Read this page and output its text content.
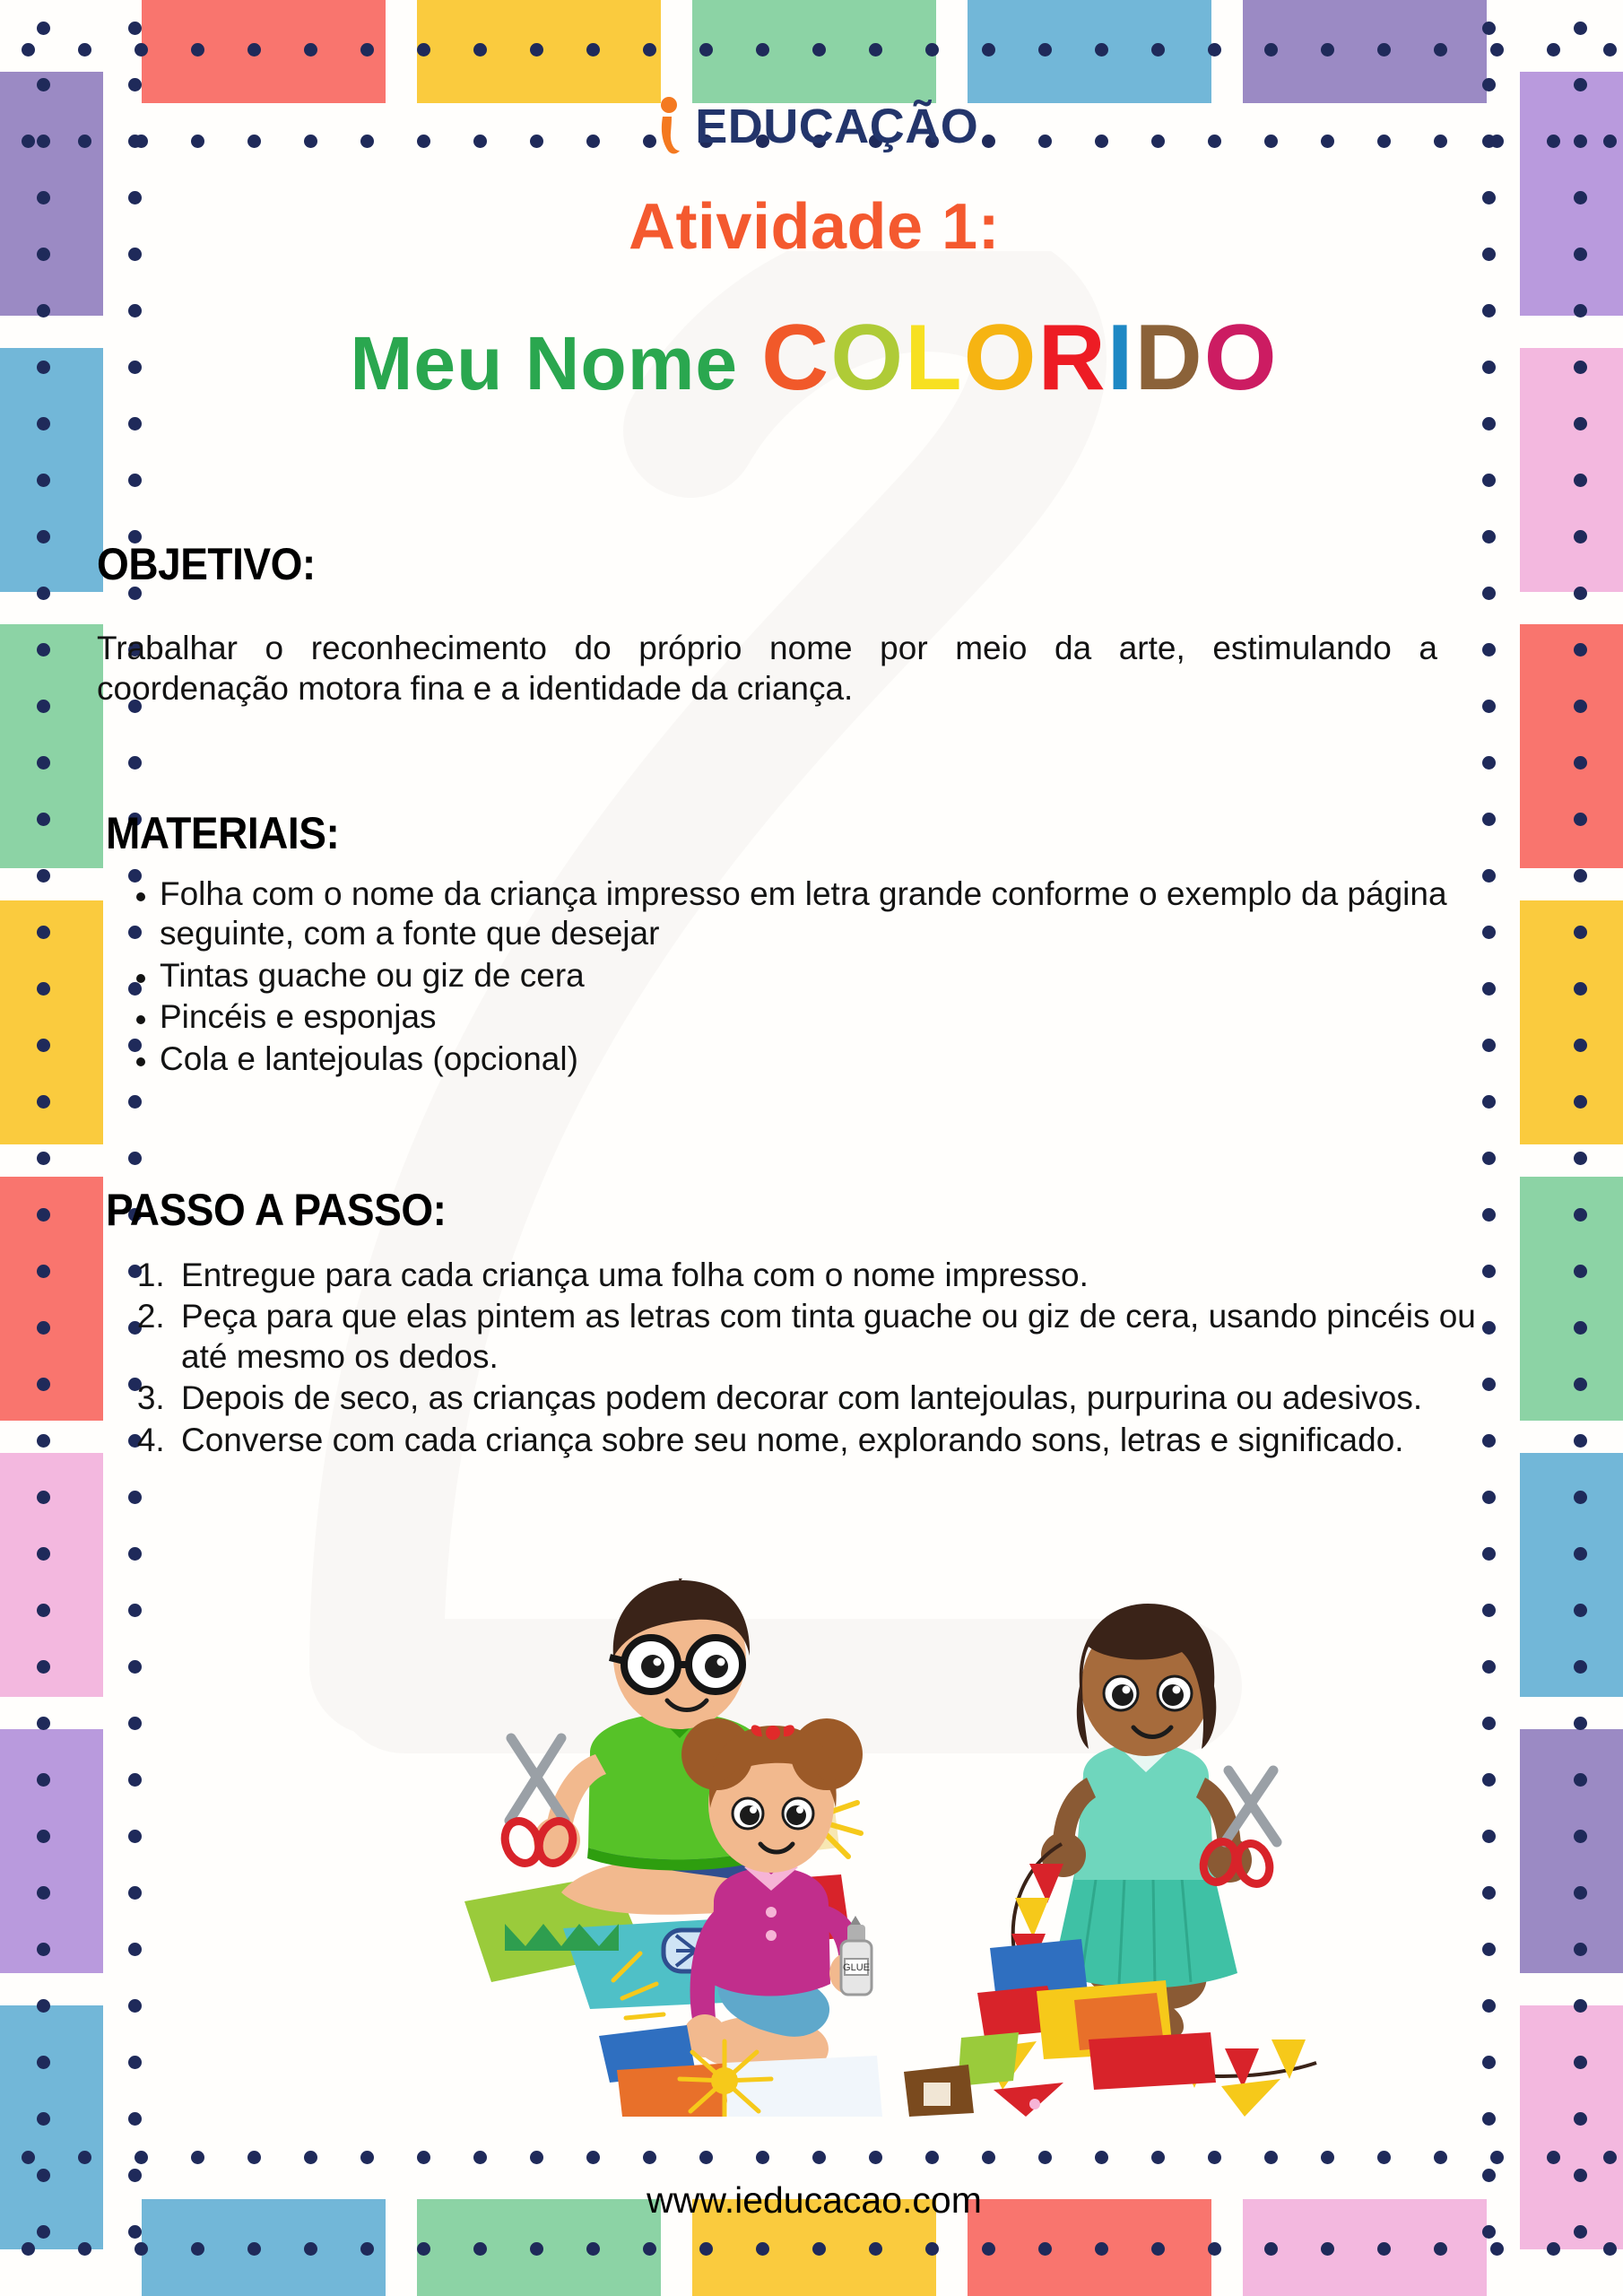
EDUCAÇÃO
Atividade 1:
Meu Nome COLORIDO
OBJETIVO:
Trabalhar o reconhecimento do próprio nome por meio da arte, estimulando a coordenação motora fina e a identidade da criança.
MATERIAIS:
• Folha com o nome da criança impresso em letra grande conforme o exemplo da página seguinte, com a fonte que desejar
• Tintas guache ou giz de cera
• Pincéis e esponjas
• Cola e lantejoulas (opcional)
PASSO A PASSO:
1. Entregue para cada criança uma folha com o nome impresso.
2. Peça para que elas pintem as letras com tinta guache ou giz de cera, usando pincéis ou até mesmo os dedos.
3. Depois de seco, as crianças podem decorar com lantejoulas, purpurina ou adesivos.
4. Converse com cada criança sobre seu nome, explorando sons, letras e significado.
GLUE
www.ieducacao.com
